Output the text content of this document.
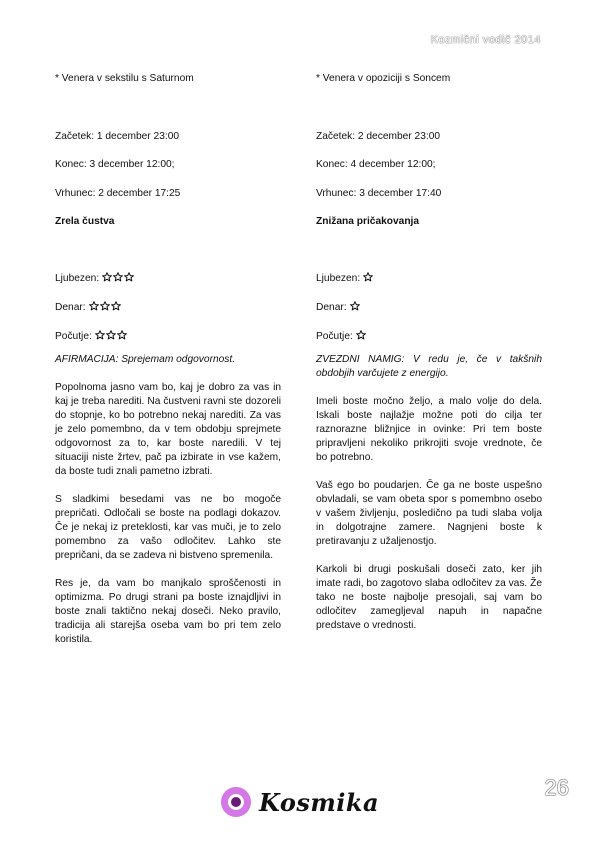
Kozmični vodič 2014
* Venera v sekstilu s Saturnom
Začetek: 1 december 23:00
Konec: 3 december 12:00;
Vrhunec: 2 december 17:25
Zrela čustva
Ljubezen:
Denar:
Počutje:

AFIRMACIJA: Sprejemam odgovornost.

Popolnoma jasno vam bo, kaj je dobro za vas in kaj je treba narediti. Na čustveni ravni ste dozoreli do stopnje, ko bo potrebno nekaj narediti. Za vas je zelo pomembno, da v tem obdobju sprejmete odgovornost za to, kar boste naredili. V tej situaciji niste žrtev, pač pa izbirate in vse kažem, da boste tudi znali pametno izbrati.

S sladkimi besedami vas ne bo mogoče prepričati. Odločali se boste na podlagi dokazov. Če je nekaj iz preteklosti, kar vas muči, je to zelo pomembno za vašo odločitev. Lahko ste prepričani, da se zadeva ni bistveno spremenila.

Res je, da vam bo manjkalo sproščenosti in optimizma. Po drugi strani pa boste iznajdljivi in boste znali taktično nekaj doseči. Neko pravilo, tradicija ali starejša oseba vam bo pri tem zelo koristila.

* Venera v opoziciji s Soncem
Začetek: 2 december 23:00
Konec: 4 december 12:00;
Vrhunec: 3 december 17:40
Znižana pričakovanja
Ljubezen:
Denar:
Počutje:

ZVEZDNI NAMIG: V redu je, če v takšnih obdobjih varčujete z energijo.

Imeli boste močno željo, a malo volje do dela. Iskali boste najlažje možne poti do cilja ter raznorazne bližnjice in ovinke: Pri tem boste pripravljeni nekoliko prikrojiti svoje vrednote, če bo potrebno.

Vaš ego bo poudarjen. Če ga ne boste uspešno obvladali, se vam obeta spor s pomembno osebo v vašem življenju, posledično pa tudi slaba volja in dolgotrajne zamere. Nagnjeni boste k pretiravanju z užaljenostjo.

Karkoli bi drugi poskušali doseči zato, ker jih imate radi, bo zagotovo slaba odločitev za vas. Že tako ne boste najbolje presojali, saj vam bo odločitev zamegljeval napuh in napačne predstave o vrednosti.

26
Kosmika
